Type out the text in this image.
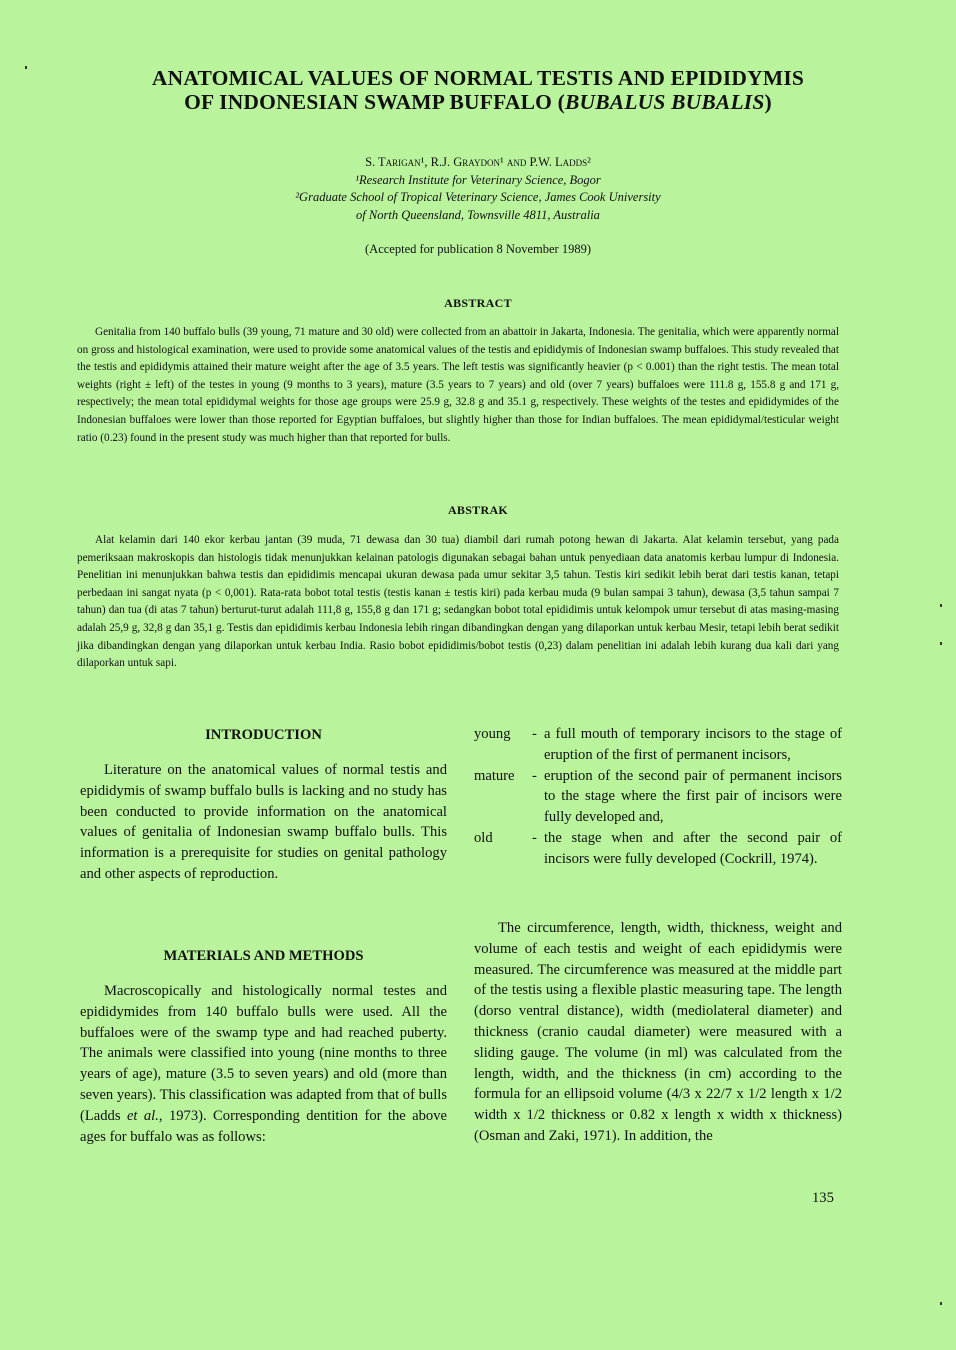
ANATOMICAL VALUES OF NORMAL TESTIS AND EPIDIDYMIS
OF INDONESIAN SWAMP BUFFALO (BUBALUS BUBALIS)
S. Tarigan¹, R.J. Graydon¹ and P.W. Ladds²
¹Research Institute for Veterinary Science, Bogor
²Graduate School of Tropical Veterinary Science, James Cook University
of North Queensland, Townsville 4811, Australia
(Accepted for publication 8 November 1989)
ABSTRACT

Genitalia from 140 buffalo bulls (39 young, 71 mature and 30 old) were collected from an abattoir in Jakarta, Indonesia. The genitalia, which were apparently normal on gross and histological examination, were used to provide some anatomical values of the testis and epididymis of Indonesian swamp buffaloes. This study revealed that the testis and epididymis attained their mature weight after the age of 3.5 years. The left testis was significantly heavier (p < 0.001) than the right testis. The mean total weights (right ± left) of the testes in young (9 months to 3 years), mature (3.5 years to 7 years) and old (over 7 years) buffaloes were 111.8 g, 155.8 g and 171 g, respectively; the mean total epididymal weights for those age groups were 25.9 g, 32.8 g and 35.1 g, respectively. These weights of the testes and epididymides of the Indonesian buffaloes were lower than those reported for Egyptian buffaloes, but slightly higher than those for Indian buffaloes. The mean epididymal/testicular weight ratio (0.23) found in the present study was much higher than that reported for bulls.

ABSTRAK

Alat kelamin dari 140 ekor kerbau jantan (39 muda, 71 dewasa dan 30 tua) diambil dari rumah potong hewan di Jakarta. Alat kelamin tersebut, yang pada pemeriksaan makroskopis dan histologis tidak menunjukkan kelainan patologis digunakan sebagai bahan untuk penyediaan data anatomis kerbau lumpur di Indonesia. Penelitian ini menunjukkan bahwa testis dan epididimis mencapai ukuran dewasa pada umur sekitar 3,5 tahun. Testis kiri sedikit lebih berat dari testis kanan, tetapi perbedaan ini sangat nyata (p < 0,001). Rata-rata bobot total testis (testis kanan ± testis kiri) pada kerbau muda (9 bulan sampai 3 tahun), dewasa (3,5 tahun sampai 7 tahun) dan tua (di atas 7 tahun) berturut-turut adalah 111,8 g, 155,8 g dan 171 g; sedangkan bobot total epididimis untuk kelompok umur tersebut di atas masing-masing adalah 25,9 g, 32,8 g dan 35,1 g. Testis dan epididimis kerbau Indonesia lebih ringan dibandingkan dengan yang dilaporkan untuk kerbau Mesir, tetapi lebih berat sedikit jika dibandingkan dengan yang dilaporkan untuk kerbau India. Rasio bobot epididimis/bobot testis (0,23) dalam penelitian ini adalah lebih kurang dua kali dari yang dilaporkan untuk sapi.

INTRODUCTION

Literature on the anatomical values of normal testis and epididymis of swamp buffalo bulls is lacking and no study has been conducted to provide information on the anatomical values of genitalia of Indonesian swamp buffalo bulls. This information is a prerequisite for studies on genital pathology and other aspects of reproduction.

MATERIALS AND METHODS

Macroscopically and histologically normal testes and epididymides from 140 buffalo bulls were used. All the buffaloes were of the swamp type and had reached puberty. The animals were classified into young (nine months to three years of age), mature (3.5 to seven years) and old (more than seven years). This classification was adapted from that of bulls (Ladds et al., 1973). Corresponding dentition for the above ages for buffalo was as follows:

young	- a full mouth of temporary incisors to the stage of eruption of the first of permanent incisors,
mature	- eruption of the second pair of permanent incisors to the stage where the first pair of incisors were fully developed and,
old	- the stage when and after the second pair of incisors were fully developed (Cockrill, 1974).

The circumference, length, width, thickness, weight and volume of each testis and weight of each epididymis were measured. The circumference was measured at the middle part of the testis using a flexible plastic measuring tape. The length (dorso ventral distance), width (mediolateral diameter) and thickness (cranio caudal diameter) were measured with a sliding gauge. The volume (in ml) was calculated from the length, width, and the thickness (in cm) according to the formula for an ellipsoid volume (4/3 x 22/7 x 1/2 length x 1/2 width x 1/2 thickness or 0.82 x length x width x thickness) (Osman and Zaki, 1971). In addition, the

135
